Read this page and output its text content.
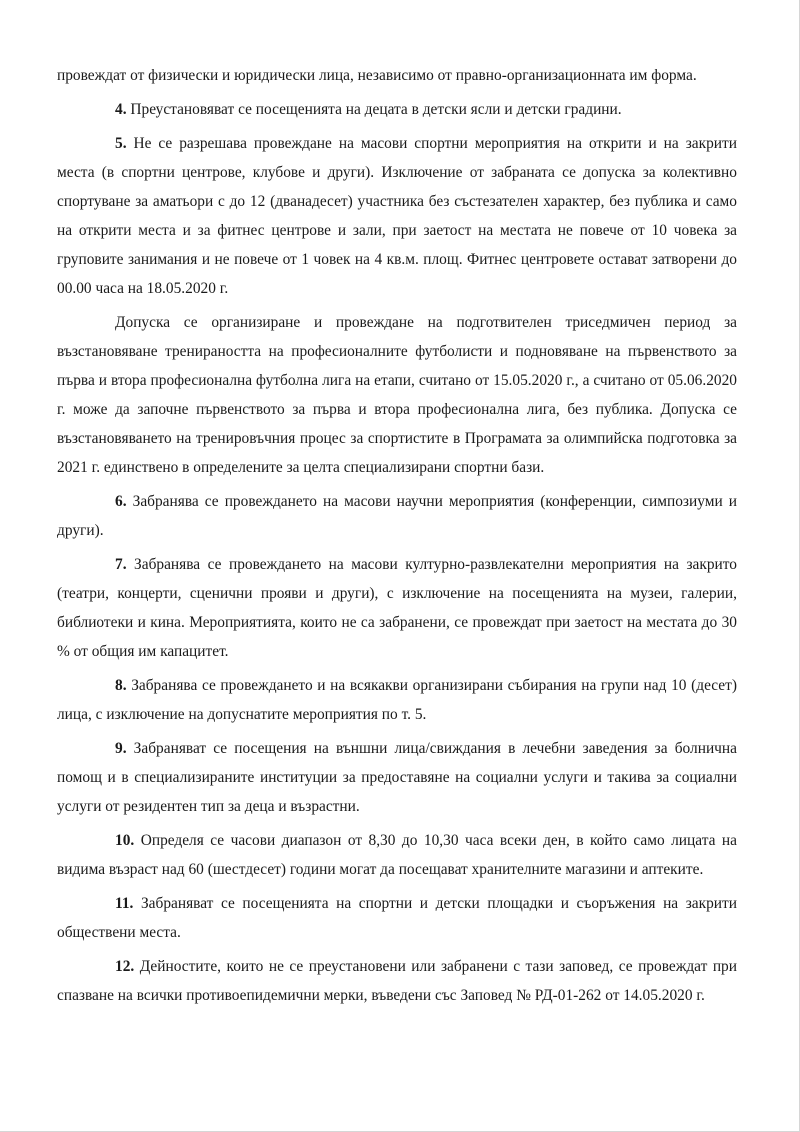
провеждат от физически и юридически лица, независимо от правно-организационната им форма.

4. Преустановяват се посещенията на децата в детски ясли и детски градини.

5. Не се разрешава провеждане на масови спортни мероприятия на открити и на закрити места (в спортни центрове, клубове и други). Изключение от забраната се допуска за колективно спортуване за аматьори с до 12 (дванадесет) участника без състезателен характер, без публика и само на открити места и за фитнес центрове и зали, при заетост на местата не повече от 10 човека за груповите занимания и не повече от 1 човек на 4 кв.м. площ. Фитнес центровете остават затворени до 00.00 часа на 18.05.2020 г.

Допуска се организиране и провеждане на подготвителен триседмичен период за възстановяване тренираността на професионалните футболисти и подновяване на първенството за първа и втора професионална футболна лига на етапи, считано от 15.05.2020 г., а считано от 05.06.2020 г. може да започне първенството за първа и втора професионална лига, без публика. Допуска се възстановяването на тренировъчния процес за спортистите в Програмата за олимпийска подготовка за 2021 г. единствено в определените за целта специализирани спортни бази.

6. Забранява се провеждането на масови научни мероприятия (конференции, симпозиуми и други).

7. Забранява се провеждането на масови културно-развлекателни мероприятия на закрито (театри, концерти, сценични прояви и други), с изключение на посещенията на музеи, галерии, библиотеки и кина. Мероприятията, които не са забранени, се провеждат при заетост на местата до 30 % от общия им капацитет.

8. Забранява се провеждането и на всякакви организирани събирания на групи над 10 (десет) лица, с изключение на допуснатите мероприятия по т. 5.

9. Забраняват се посещения на външни лица/свиждания в лечебни заведения за болнична помощ и в специализираните институции за предоставяне на социални услуги и такива за социални услуги от резидентен тип за деца и възрастни.

10. Определя се часови диапазон от 8,30 до 10,30 часа всеки ден, в който само лицата на видима възраст над 60 (шестдесет) години могат да посещават хранителните магазини и аптеките.

11. Забраняват се посещенията на спортни и детски площадки и съоръжения на закрити обществени места.

12. Дейностите, които не се преустановени или забранени с тази заповед, се провеждат при спазване на всички противоепидемични мерки, въведени със Заповед № РД-01-262 от 14.05.2020 г.
